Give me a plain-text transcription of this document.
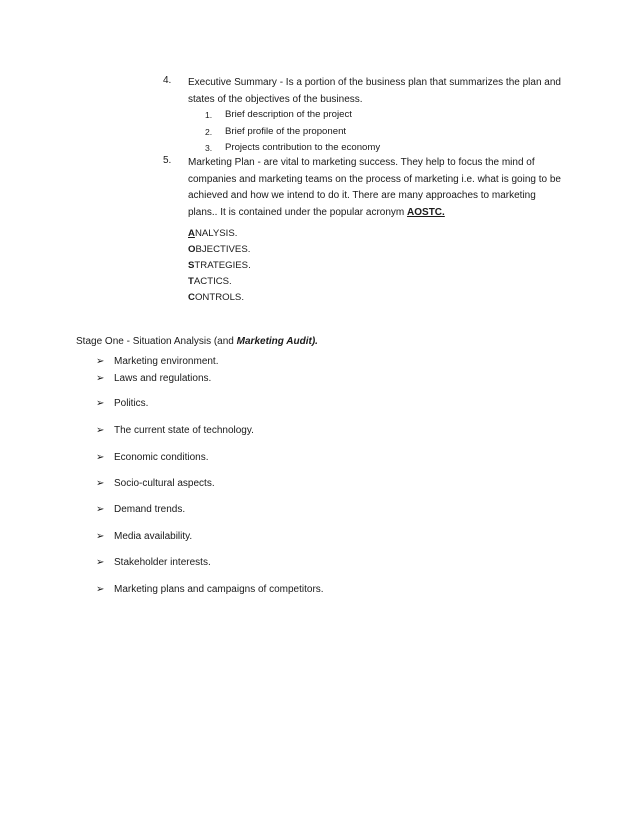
4.	Executive Summary - Is a portion of the business plan that summarizes the plan and states of the objectives of the business.
1. Brief description of the project
2. Brief profile of the proponent
3. Projects contribution to the economy
5.	Marketing Plan - are vital to marketing success. They help to focus the mind of companies and marketing teams on the process of marketing i.e. what is going to be achieved and how we intend to do it. There are many approaches to marketing plans.. It is contained under the popular acronym AOSTC.
ANALYSIS.
OBJECTIVES.
STRATEGIES.
TACTICS.
CONTROLS.
Stage One - Situation Analysis (and Marketing Audit).
➢ Marketing environment.
➢ Laws and regulations.
➢ Politics.
➢ The current state of technology.
➢ Economic conditions.
➢ Socio-cultural aspects.
➢ Demand trends.
➢ Media availability.
➢ Stakeholder interests.
➢ Marketing plans and campaigns of competitors.
